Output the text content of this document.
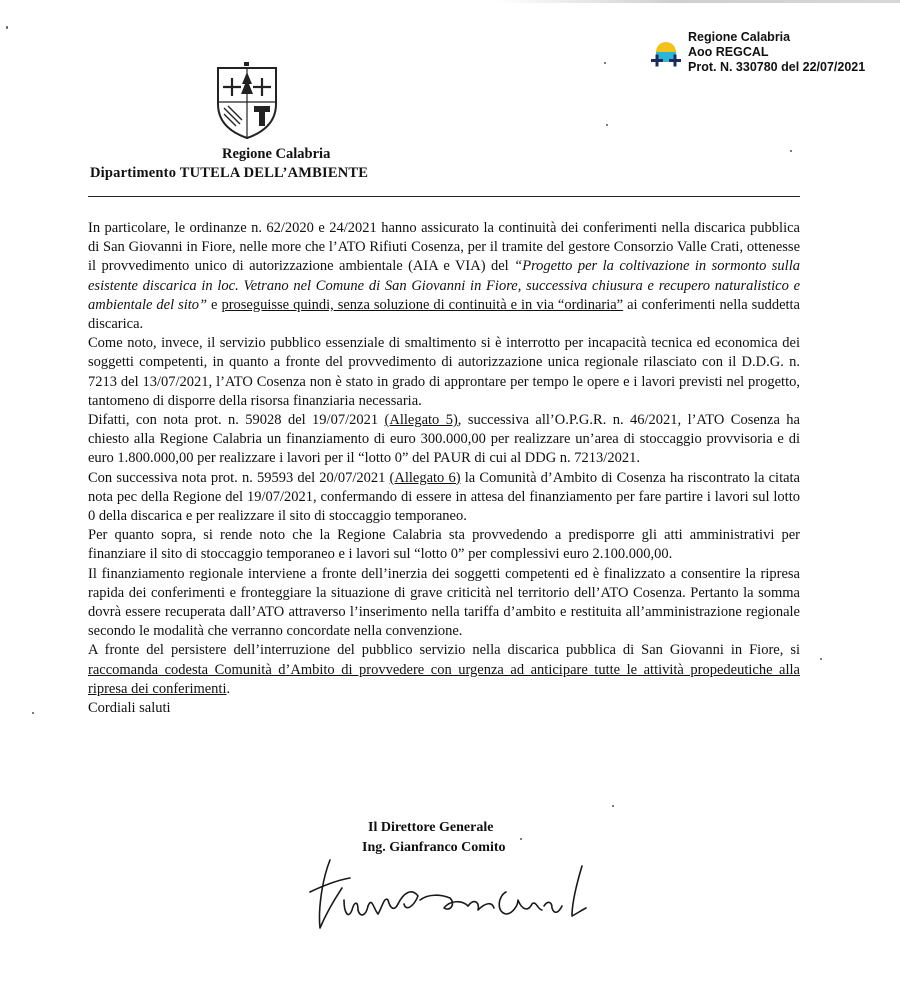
Regione Calabria
Aoo REGCAL
Prot. N. 330780 del 22/07/2021
Regione Calabria
Dipartimento TUTELA DELL’AMBIENTE

In particolare, le ordinanze n. 62/2020 e 24/2021 hanno assicurato la continuità dei conferimenti nella discarica pubblica di San Giovanni in Fiore, nelle more che l’ATO Rifiuti Cosenza, per il tramite del gestore Consorzio Valle Crati, ottenesse il provvedimento unico di autorizzazione ambientale (AIA e VIA) del “Progetto per la coltivazione in sormonto sulla esistente discarica in loc. Vetrano nel Comune di San Giovanni in Fiore, successiva chiusura e recupero naturalistico e ambientale del sito” e proseguisse quindi, senza soluzione di continuità e in via “ordinaria” ai conferimenti nella suddetta discarica.

Come noto, invece, il servizio pubblico essenziale di smaltimento si è interrotto per incapacità tecnica ed economica dei soggetti competenti, in quanto a fronte del provvedimento di autorizzazione unica regionale rilasciato con il D.D.G. n. 7213 del 13/07/2021, l’ATO Cosenza non è stato in grado di approntare per tempo le opere e i lavori previsti nel progetto, tantomeno di disporre della risorsa finanziaria necessaria.

Difatti, con nota prot. n. 59028 del 19/07/2021 (Allegato 5), successiva all’O.P.G.R. n. 46/2021, l’ATO Cosenza ha chiesto alla Regione Calabria un finanziamento di euro 300.000,00 per realizzare un’area di stoccaggio provvisoria e di euro 1.800.000,00 per realizzare i lavori per il “lotto 0” del PAUR di cui al DDG n. 7213/2021.

Con successiva nota prot. n. 59593 del 20/07/2021 (Allegato 6) la Comunità d’Ambito di Cosenza ha riscontrato la citata nota pec della Regione del 19/07/2021, confermando di essere in attesa del finanziamento per fare partire i lavori sul lotto 0 della discarica e per realizzare il sito di stoccaggio temporaneo.

Per quanto sopra, si rende noto che la Regione Calabria sta provvedendo a predisporre gli atti amministrativi per finanziare il sito di stoccaggio temporaneo e i lavori sul “lotto 0” per complessivi euro 2.100.000,00.

Il finanziamento regionale interviene a fronte dell’inerzia dei soggetti competenti ed è finalizzato a consentire la ripresa rapida dei conferimenti e fronteggiare la situazione di grave criticità nel territorio dell’ATO Cosenza. Pertanto la somma dovrà essere recuperata dall’ATO attraverso l’inserimento nella tariffa d’ambito e restituita all’amministrazione regionale secondo le modalità che verranno concordate nella convenzione.

A fronte del persistere dell’interruzione del pubblico servizio nella discarica pubblica di San Giovanni in Fiore, si raccomanda codesta Comunità d’Ambito di provvedere con urgenza ad anticipare tutte le attività propedeutiche alla ripresa dei conferimenti.

Cordiali saluti

Il Direttore Generale
Ing. Gianfranco Comito
